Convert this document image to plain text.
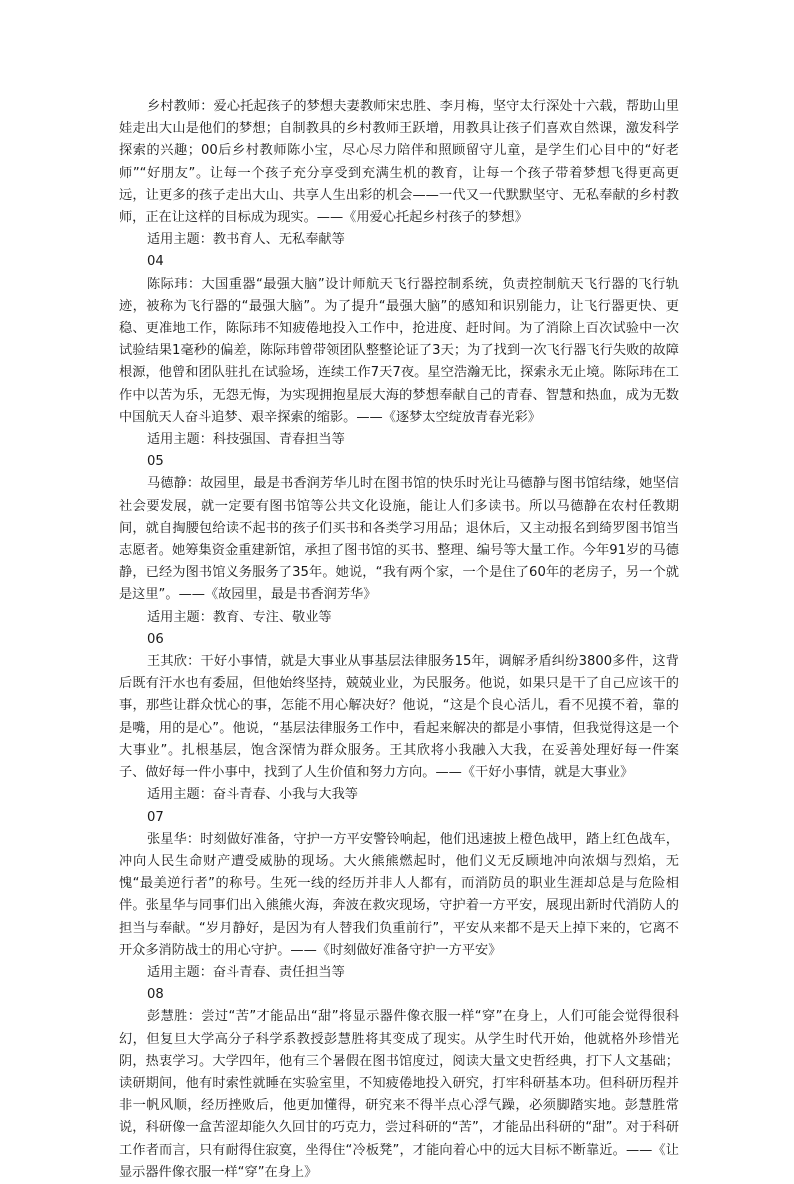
乡村教师：爱心托起孩子的梦想夫妻教师宋忠胜、李月梅，坚守太行深处十六载，帮助山里娃走出大山是他们的梦想；自制教具的乡村教师王跃增，用教具让孩子们喜欢自然课，激发科学探索的兴趣；00后乡村教师陈小宝，尽心尽力陪伴和照顾留守儿童，是学生们心目中的“好老师”“好朋友”。让每一个孩子充分享受到充满生机的教育，让每一个孩子带着梦想飞得更高更远，让更多的孩子走出大山、共享人生出彩的机会——一代又一代默默坚守、无私奉献的乡村教师，正在让这样的目标成为现实。——《用爱心托起乡村孩子的梦想》

适用主题：教书育人、无私奉献等

04

陈际玮：大国重器“最强大脑”设计师航天飞行器控制系统，负责控制航天飞行器的飞行轨迹，被称为飞行器的“最强大脑”。为了提升“最强大脑”的感知和识别能力，让飞行器更快、更稳、更准地工作，陈际玮不知疲倦地投入工作中，抢进度、赶时间。为了消除上百次试验中一次试验结果1毫秒的偏差，陈际玮曾带领团队整整论证了3天；为了找到一次飞行器飞行失败的故障根源，他曾和团队驻扎在试验场，连续工作7天7夜。星空浩瀚无比，探索永无止境。陈际玮在工作中以苦为乐，无怨无悔，为实现拥抱星辰大海的梦想奉献自己的青春、智慧和热血，成为无数中国航天人奋斗追梦、艰辛探索的缩影。——《逐梦太空绽放青春光彩》

适用主题：科技强国、青春担当等

05

马德静：故园里，最是书香润芳华儿时在图书馆的快乐时光让马德静与图书馆结缘，她坚信社会要发展，就一定要有图书馆等公共文化设施，能让人们多读书。所以马德静在农村任教期间，就自掏腰包给读不起书的孩子们买书和各类学习用品；退休后，又主动报名到绮罗图书馆当志愿者。她筹集资金重建新馆，承担了图书馆的买书、整理、编号等大量工作。今年91岁的马德静，已经为图书馆义务服务了35年。她说，“我有两个家，一个是住了60年的老房子，另一个就是这里”。——《故园里，最是书香润芳华》

适用主题：教育、专注、敬业等

06

王其欣：干好小事情，就是大事业从事基层法律服务15年，调解矛盾纠纷3800多件，这背后既有汗水也有委屈，但他始终坚持，兢兢业业，为民服务。他说，如果只是干了自己应该干的事，那些让群众忧心的事，怎能不用心解决好？他说，“这是个良心活儿，看不见摸不着，靠的是嘴，用的是心”。他说，“基层法律服务工作中，看起来解决的都是小事情，但我觉得这是一个大事业”。扎根基层，饱含深情为群众服务。王其欣将小我融入大我，在妥善处理好每一件案子、做好每一件小事中，找到了人生价值和努力方向。——《干好小事情，就是大事业》

适用主题：奋斗青春、小我与大我等

07

张星华：时刻做好准备，守护一方平安警铃响起，他们迅速披上橙色战甲，踏上红色战车，冲向人民生命财产遭受威胁的现场。大火熊熊燃起时，他们义无反顾地冲向浓烟与烈焰，无愧“最美逆行者”的称号。生死一线的经历并非人人都有，而消防员的职业生涯却总是与危险相伴。张星华与同事们出入熊熊火海，奔波在救灾现场，守护着一方平安，展现出新时代消防人的担当与奉献。“岁月静好，是因为有人替我们负重前行”，平安从来都不是天上掉下来的，它离不开众多消防战士的用心守护。——《时刻做好准备守护一方平安》

适用主题：奋斗青春、责任担当等

08

彭慧胜：尝过“苦”才能品出“甜”将显示器件像衣服一样“穿”在身上，人们可能会觉得很科幻，但复旦大学高分子科学系教授彭慧胜将其变成了现实。从学生时代开始，他就格外珍惜光阴，热衷学习。大学四年，他有三个暑假在图书馆度过，阅读大量文史哲经典，打下人文基础；读研期间，他有时索性就睡在实验室里，不知疲倦地投入研究，打牢科研基本功。但科研历程并非一帆风顺，经历挫败后，他更加懂得，研究来不得半点心浮气躁，必须脚踏实地。彭慧胜常说，科研像一盒苦涩却能久久回甘的巧克力，尝过科研的“苦”，才能品出科研的“甜”。对于科研工作者而言，只有耐得住寂寞，坐得住“冷板凳”，才能向着心中的远大目标不断靠近。——《让显示器件像衣服一样“穿”在身上》
